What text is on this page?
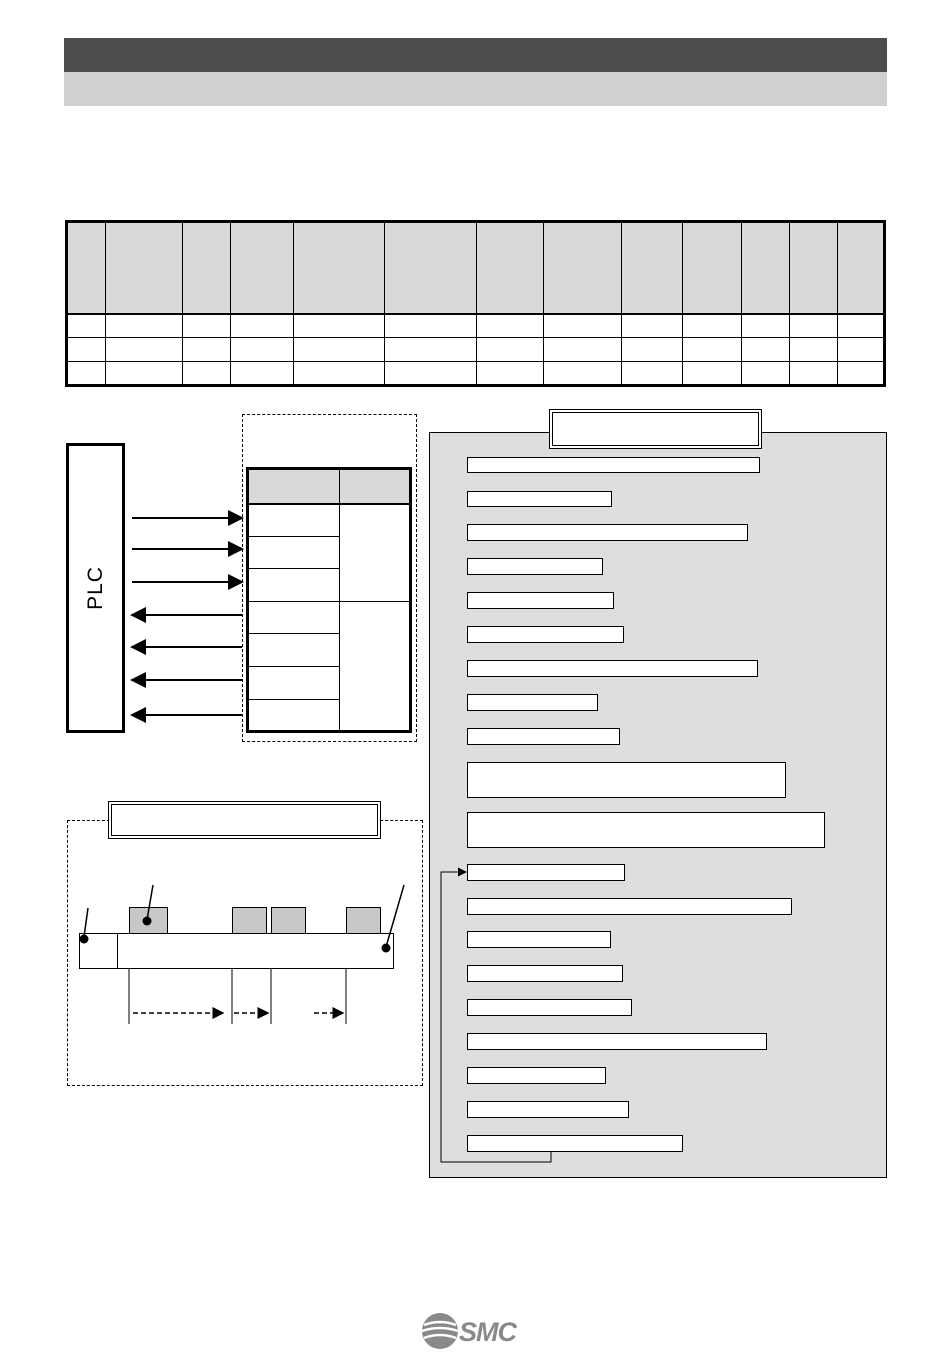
PLC
SMC
